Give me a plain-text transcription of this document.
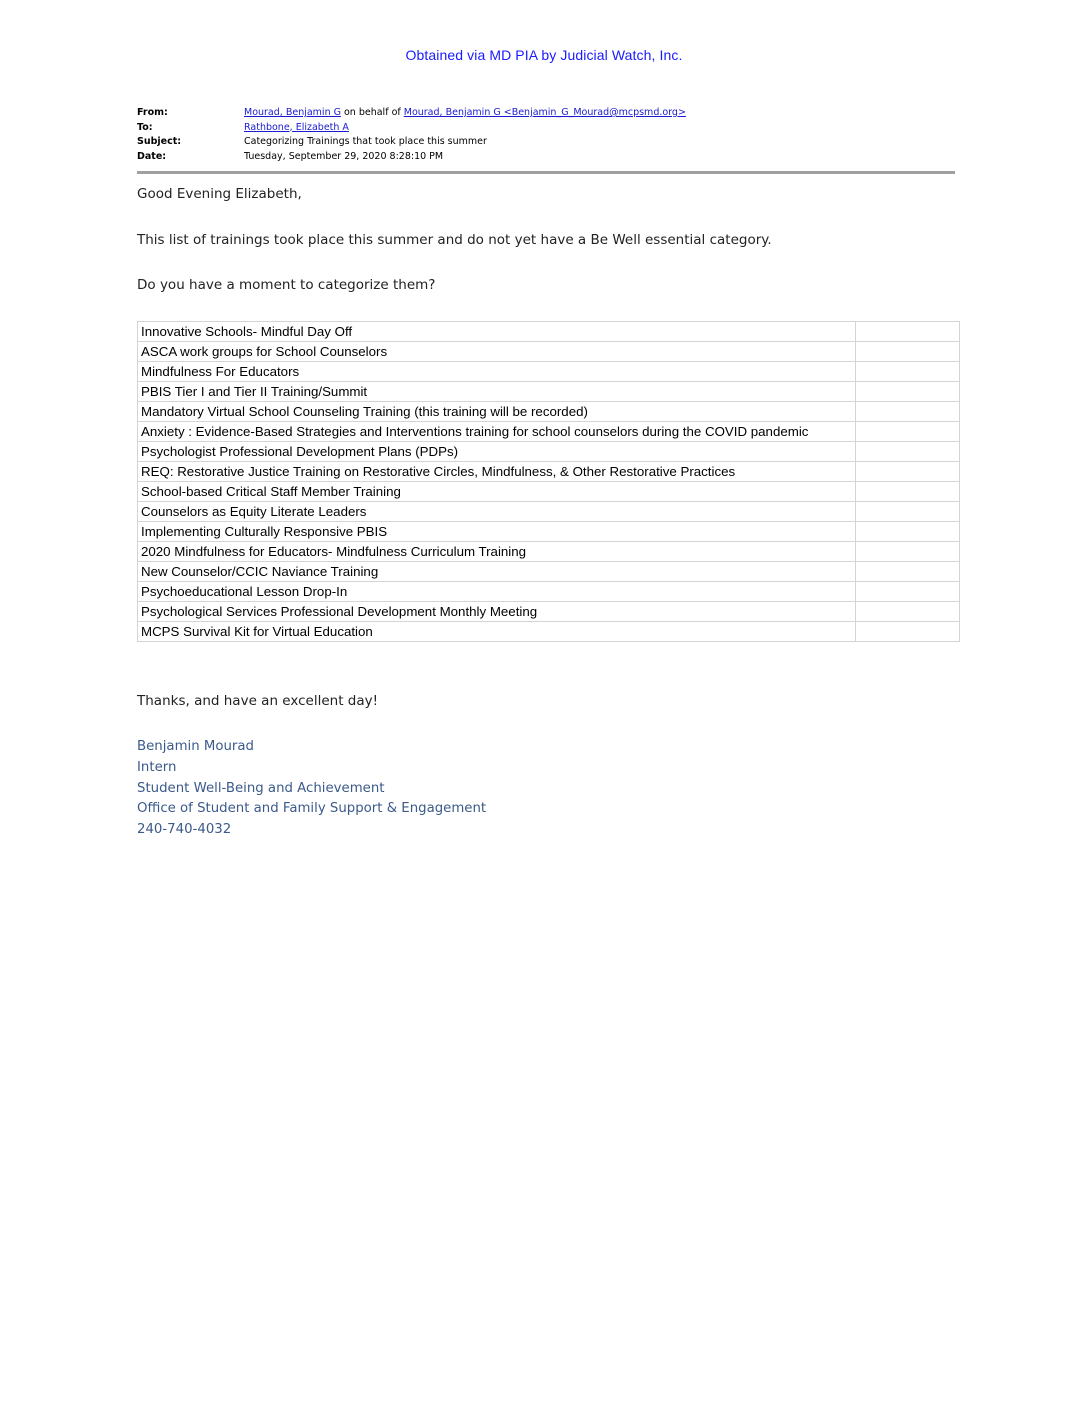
Obtained via MD PIA by Judicial Watch, Inc.
From:	Mourad, Benjamin G on behalf of Mourad, Benjamin G <Benjamin_G_Mourad@mcpsmd.org>
To:	Rathbone, Elizabeth A
Subject:	Categorizing Trainings that took place this summer
Date:	Tuesday, September 29, 2020 8:28:10 PM
Good Evening Elizabeth,
This list of trainings took place this summer and do not yet have a Be Well essential category.
Do you have a moment to categorize them?
Innovative Schools- Mindful Day Off	
ASCA work groups for School Counselors	
Mindfulness For Educators	
PBIS Tier I and Tier II Training/Summit	
Mandatory Virtual School Counseling Training (this training will be recorded)	
Anxiety : Evidence-Based Strategies and Interventions training for school counselors during the COVID pandemic	
Psychologist Professional Development Plans (PDPs)	
REQ: Restorative Justice Training on Restorative Circles, Mindfulness, & Other Restorative Practices	
School-based Critical Staff Member Training	
Counselors as Equity Literate Leaders	
Implementing Culturally Responsive PBIS	
2020 Mindfulness for Educators- Mindfulness Curriculum Training	
New Counselor/CCIC Naviance Training	
Psychoeducational Lesson Drop-In	
Psychological Services Professional Development Monthly Meeting	
MCPS Survival Kit for Virtual Education	
Thanks, and have an excellent day!
Benjamin Mourad
Intern
Student Well-Being and Achievement
Office of Student and Family Support & Engagement
240-740-4032
